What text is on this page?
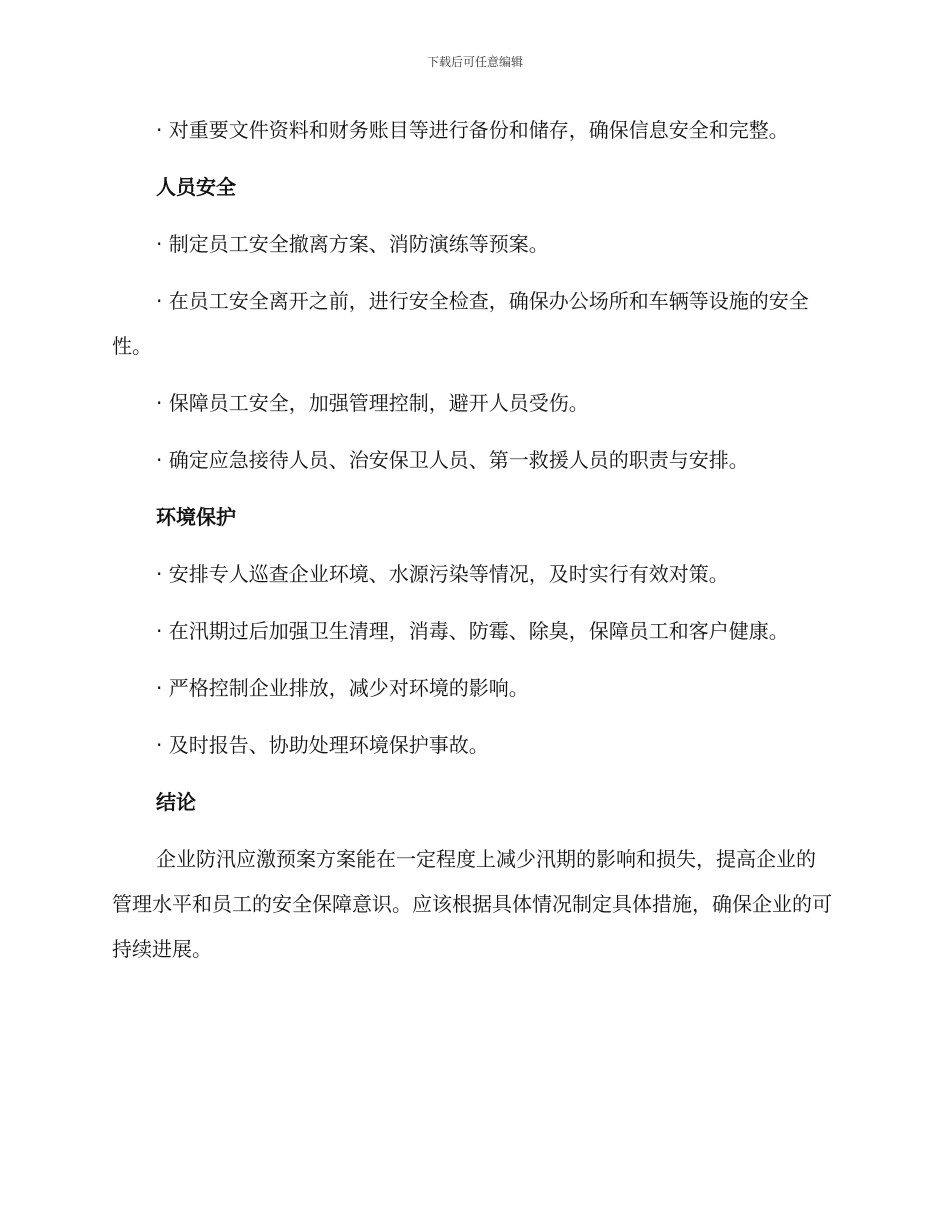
下载后可任意编辑

· 对重要文件资料和财务账目等进行备份和储存，确保信息安全和完整。

人员安全

· 制定员工安全撤离方案、消防演练等预案。

· 在员工安全离开之前，进行安全检查，确保办公场所和车辆等设施的安全性。

· 保障员工安全，加强管理控制，避开人员受伤。

· 确定应急接待人员、治安保卫人员、第一救援人员的职责与安排。

环境保护

· 安排专人巡查企业环境、水源污染等情况，及时实行有效对策。

· 在汛期过后加强卫生清理，消毒、防霉、除臭，保障员工和客户健康。

· 严格控制企业排放，减少对环境的影响。

· 及时报告、协助处理环境保护事故。

结论

企业防汛应激预案方案能在一定程度上减少汛期的影响和损失，提高企业的管理水平和员工的安全保障意识。应该根据具体情况制定具体措施，确保企业的可持续进展。
